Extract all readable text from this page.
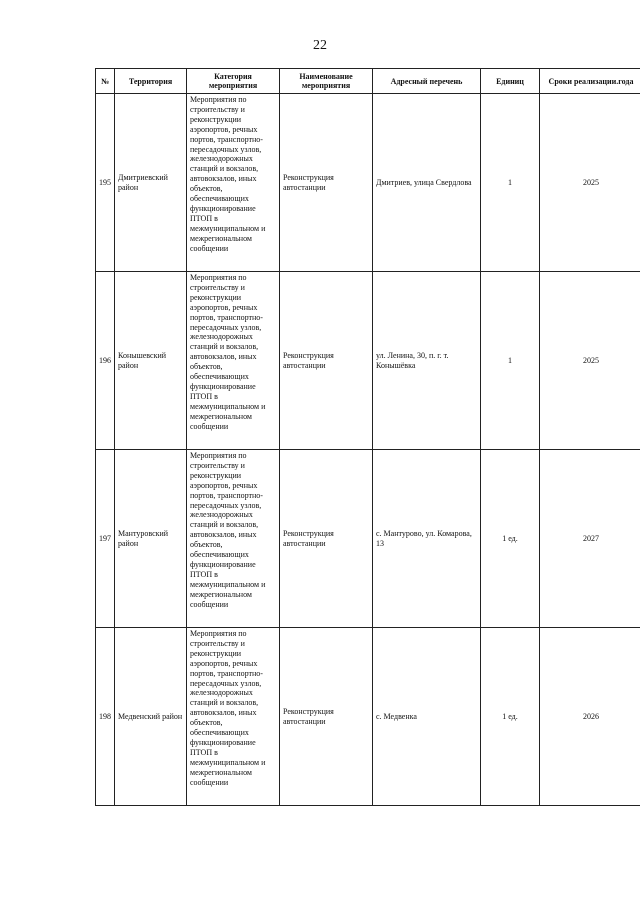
22
№	Территория	Категория мероприятия	Наименование мероприятия	Адресный перечень	Единиц	Сроки реализации.года
195	Дмитриевский район	Мероприятия по строительству и реконструкции аэропортов, речных портов, транспортно-пересадочных узлов, железнодорожных станций и вокзалов, автовокзалов, иных объектов, обеспечивающих функционирование ПТОП в межмуниципальном и межрегиональном сообщении	Реконструкция автостанции	Дмитриев, улица Свердлова	1	2025
196	Конышевский район	Мероприятия по строительству и реконструкции аэропортов, речных портов, транспортно-пересадочных узлов, железнодорожных станций и вокзалов, автовокзалов, иных объектов, обеспечивающих функционирование ПТОП в межмуниципальном и межрегиональном сообщении	Реконструкция автостанции	ул. Ленина, 30, п. г. т. Конышёвка	1	2025
197	Мантуровский район	Мероприятия по строительству и реконструкции аэропортов, речных портов, транспортно-пересадочных узлов, железнодорожных станций и вокзалов, автовокзалов, иных объектов, обеспечивающих функционирование ПТОП в межмуниципальном и межрегиональном сообщении	Реконструкция автостанции	с. Мантурово, ул. Комарова, 13	1 ед.	2027
198	Медвенский район	Мероприятия по строительству и реконструкции аэропортов, речных портов, транспортно-пересадочных узлов, железнодорожных станций и вокзалов, автовокзалов, иных объектов, обеспечивающих функционирование ПТОП в межмуниципальном и межрегиональном сообщении	Реконструкция автостанции	с. Медвенка	1 ед.	2026
